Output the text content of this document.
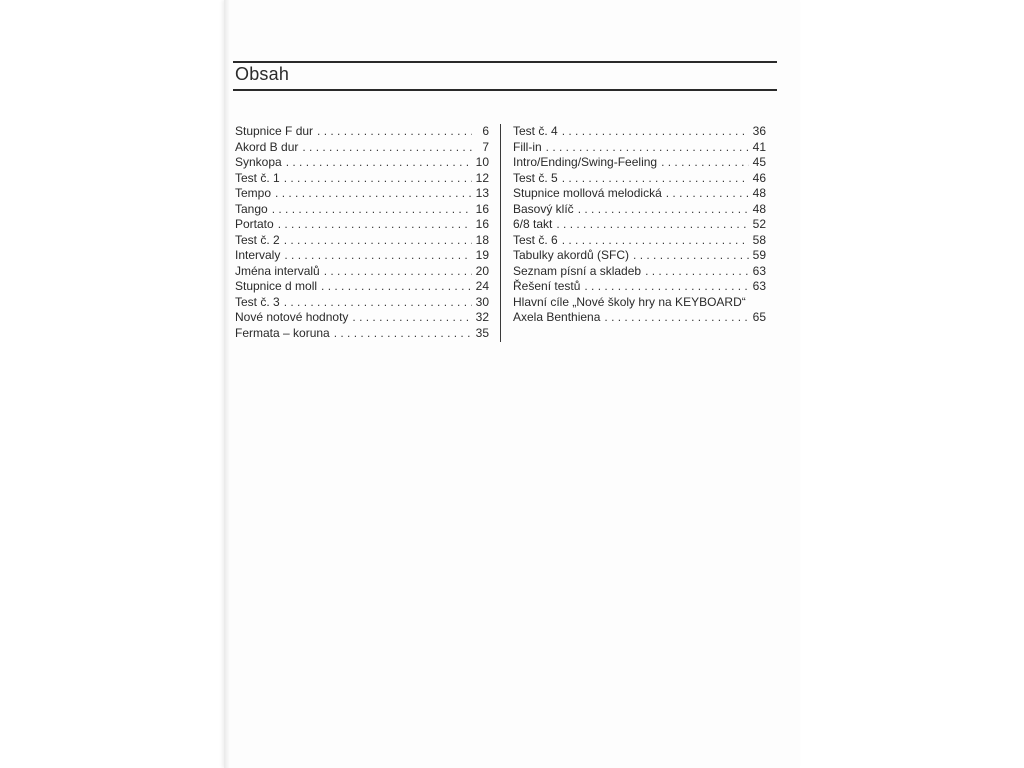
Obsah
Stupnice F dur . . .	6
Akord B dur . . .	7
Synkopa . . .	10
Test č. 1 . . .	12
Tempo . . .	13
Tango . . .	16
Portato . . .	16
Test č. 2 . . .	18
Intervaly . . .	19
Jména intervalů . . .	20
Stupnice d moll . . .	24
Test č. 3 . . .	30
Nové notové hodnoty . . .	32
Fermata – koruna . . .	35
Test č. 4 . . .	36
Fill-in . . .	41
Intro/Ending/Swing-Feeling . . .	45
Test č. 5 . . .	46
Stupnice mollová melodická . . .	48
Basový klíč . . .	48
6/8 takt . . .	52
Test č. 6 . . .	58
Tabulky akordů (SFC) . . .	59
Seznam písní a skladeb . . .	63
Řešení testů . . .	63
Hlavní cíle „Nové školy hry na KEYBOARD“
Axela Benthiena . . .	65
